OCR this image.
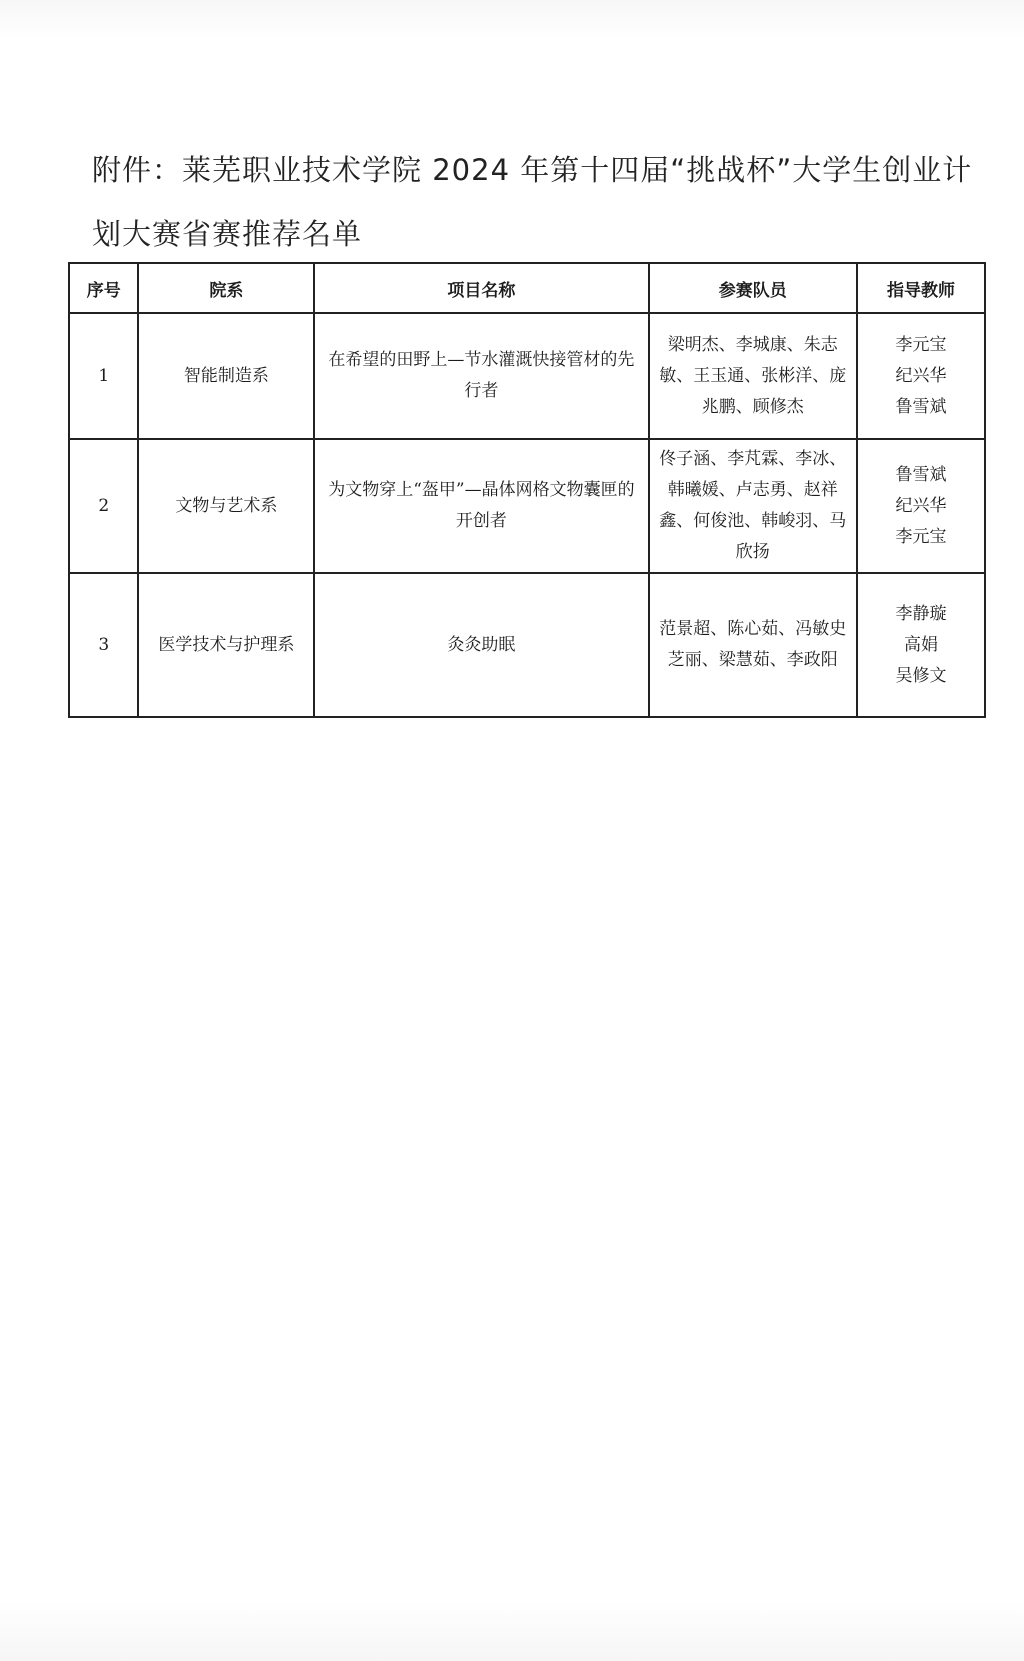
附件：莱芜职业技术学院 2024 年第十四届“挑战杯”大学生创业计
划大赛省赛推荐名单
序号	院系	项目名称	参赛队员	指导教师
1	智能制造系	在希望的田野上—节水灌溉快接管材的先行者	梁明杰、李城康、朱志敏、王玉通、张彬洋、庞兆鹏、顾修杰	李元宝
纪兴华
鲁雪斌

2	文物与艺术系	为文物穿上“盔甲”—晶体网格文物囊匣的开创者	佟子涵、李芃霖、李冰、韩曦媛、卢志勇、赵祥鑫、何俊池、韩峻羽、马欣扬	鲁雪斌
纪兴华
李元宝

3	医学技术与护理系	灸灸助眠	范景超、陈心茹、冯敏史芝丽、梁慧茹、李政阳	李静璇
高娟
吴修文
